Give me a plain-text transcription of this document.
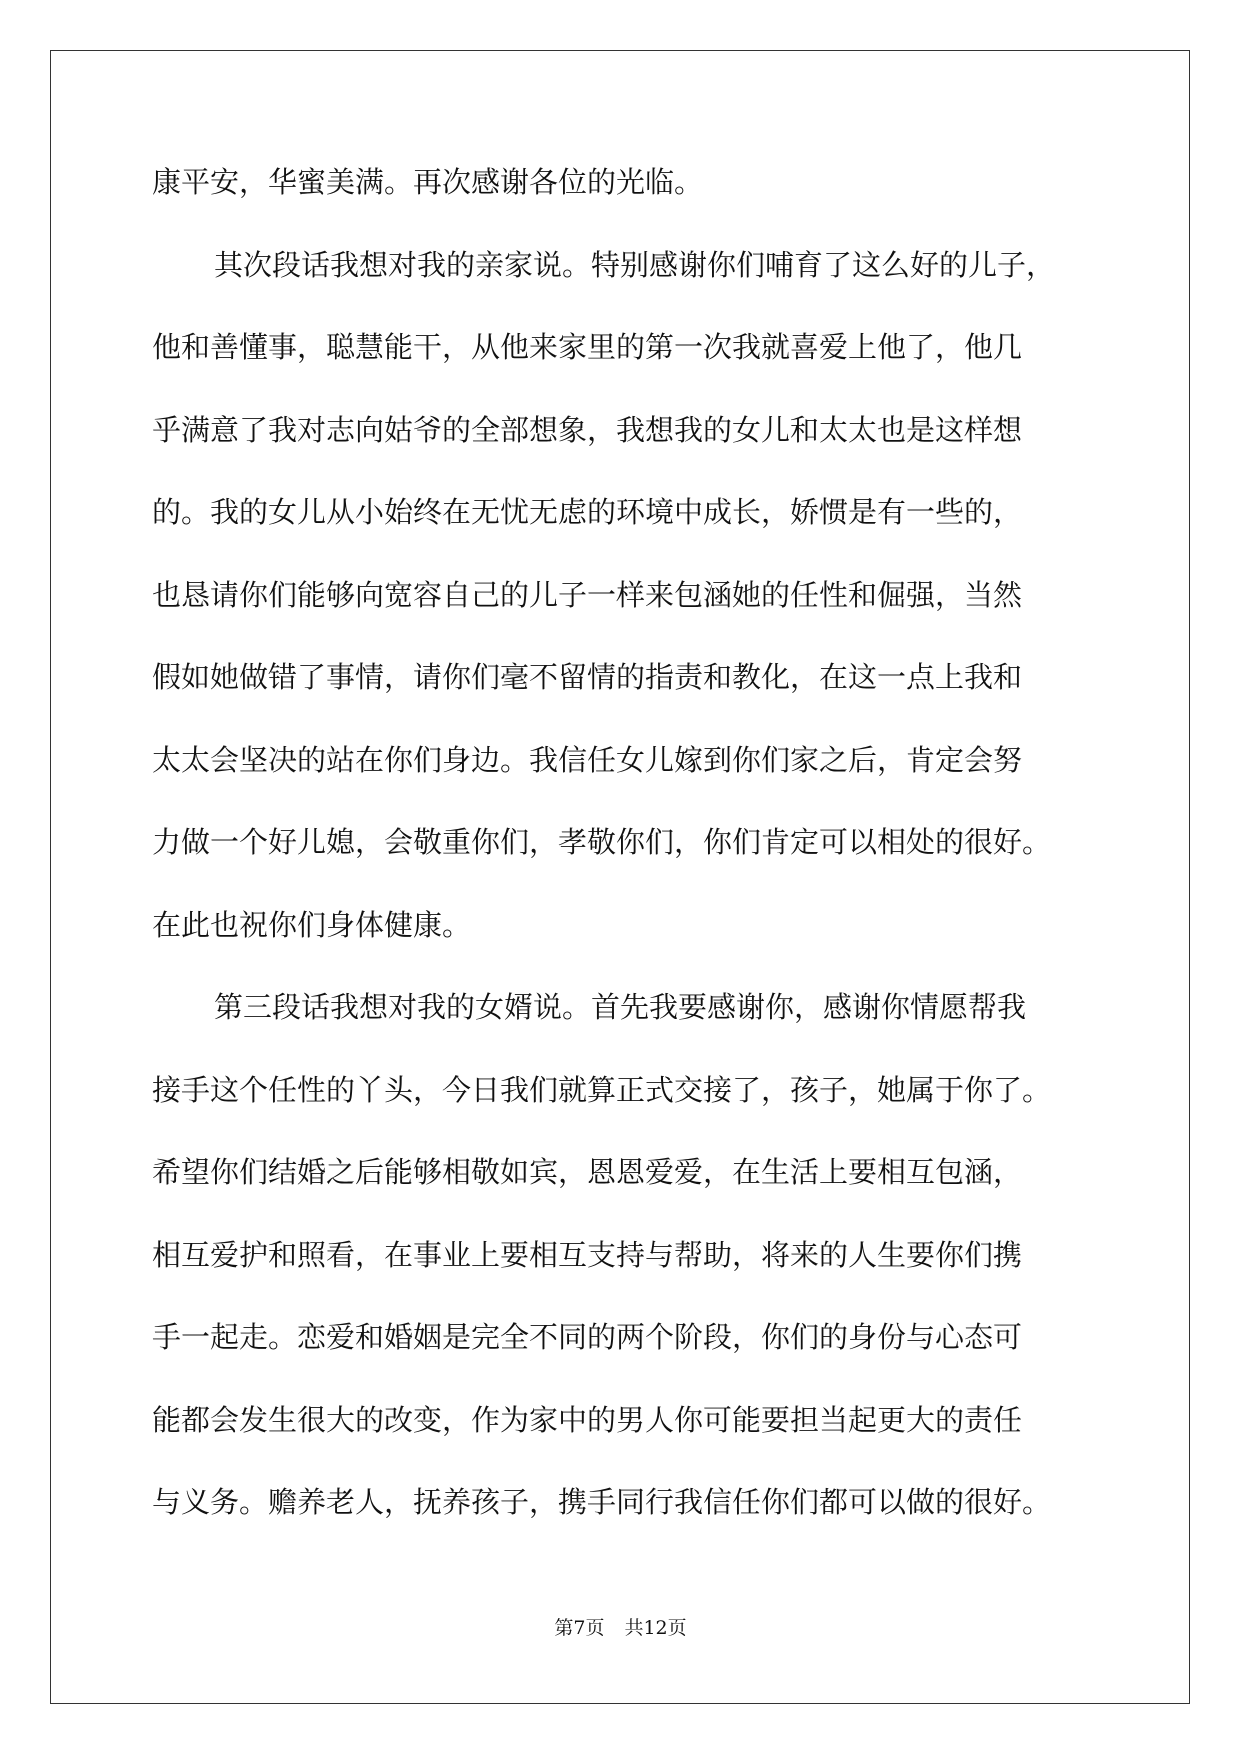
康平安，华蜜美满。再次感谢各位的光临。
其次段话我想对我的亲家说。特别感谢你们哺育了这么好的儿子，
他和善懂事，聪慧能干，从他来家里的第一次我就喜爱上他了，他几
乎满意了我对志向姑爷的全部想象，我想我的女儿和太太也是这样想
的。我的女儿从小始终在无忧无虑的环境中成长，娇惯是有一些的，
也恳请你们能够向宽容自己的儿子一样来包涵她的任性和倔强，当然
假如她做错了事情，请你们毫不留情的指责和教化，在这一点上我和
太太会坚决的站在你们身边。我信任女儿嫁到你们家之后，肯定会努
力做一个好儿媳，会敬重你们，孝敬你们，你们肯定可以相处的很好。
在此也祝你们身体健康。
第三段话我想对我的女婿说。首先我要感谢你，感谢你情愿帮我
接手这个任性的丫头，今日我们就算正式交接了，孩子，她属于你了。
希望你们结婚之后能够相敬如宾，恩恩爱爱，在生活上要相互包涵，
相互爱护和照看，在事业上要相互支持与帮助，将来的人生要你们携
手一起走。恋爱和婚姻是完全不同的两个阶段，你们的身份与心态可
能都会发生很大的改变，作为家中的男人你可能要担当起更大的责任
与义务。赡养老人，抚养孩子，携手同行我信任你们都可以做的很好。
第7页 共12页
